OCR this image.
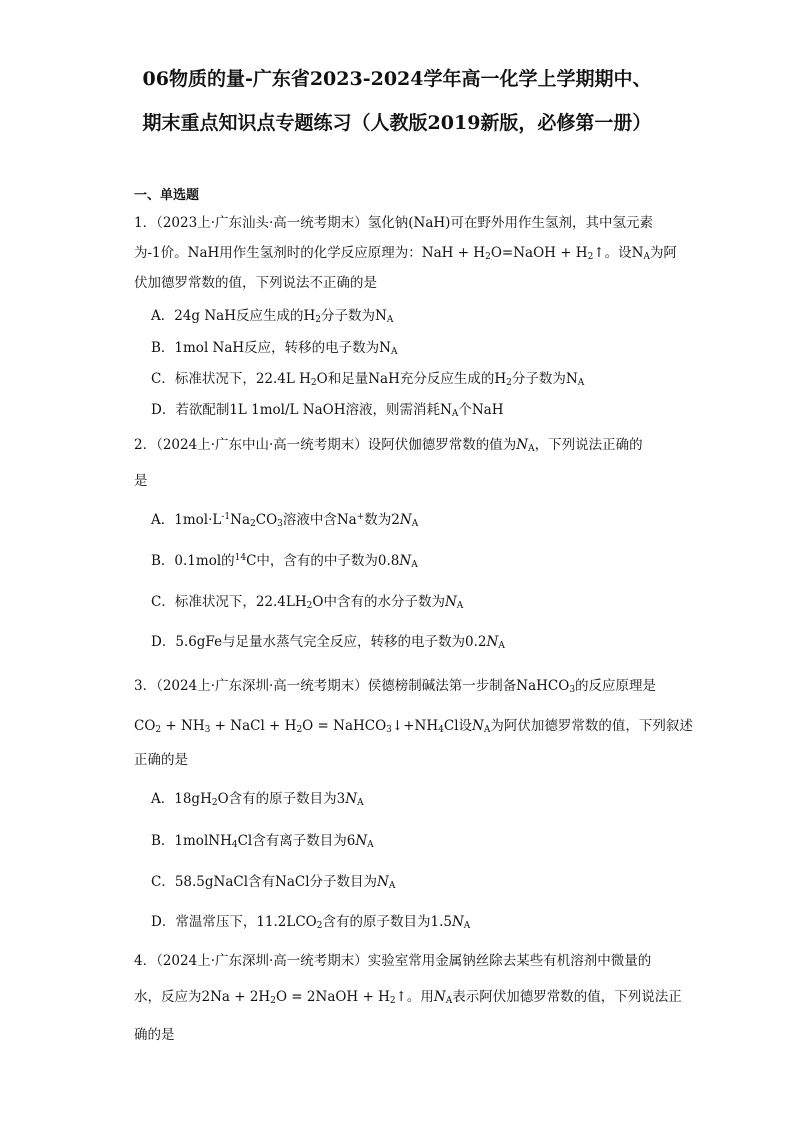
06物质的量-广东省2023-2024学年高一化学上学期期中、
期末重点知识点专题练习（人教版2019新版，必修第一册）
一、单选题
1．（2023上·广东汕头·高一统考期末）氢化钠(NaH)可在野外用作生氢剂，其中氢元素
为-1价。NaH用作生氢剂时的化学反应原理为：NaH + $H_2O=NaOH$ + $H_2↑$。设$N_A$为阿
伏加德罗常数的值，下列说法不正确的是
A．24g NaH反应生成的$H_2$分子数为$N_A$
B．1mol NaH反应，转移的电子数为$N_A$
C．标准状况下，22.4L $H_2O$和足量NaH充分反应生成的$H_2$分子数为$N_A$
D．若欲配制1L 1mol/L NaOH溶液，则需消耗$N_A$个NaH
2．（2024上·广东中山·高一统考期末）设阿伏伽德罗常数的值为$N_A$，下列说法正确的
是
A．$1mol\cdot L^{-1}Na_2CO_3$溶液中含Na+数为$2N_A$
B．0.1mol的$^{14}$C中，含有的中子数为$0.8N_A$
C．标准状况下，$22.4LH_2O$中含有的水分子数为$N_A$
D．5.6gFe与足量水蒸气完全反应，转移的电子数为$0.2N_A$
3．（2024上·广东深圳·高一统考期末）侯德榜制碱法第一步制备NaHCO$_3$的反应原理是
$CO_2 + NH_3$ + NaCl + $H_2O$ = $NaHCO_3↓+NH_4Cl$设$N_A$为阿伏加德罗常数的值，下列叙述
正确的是
A．$18gH_2O$含有的原子数目为$3N_A$
B．1molNH$_4$Cl含有离子数目为$6N_A$
C．58.5gNaCl含有NaCl分子数目为$N_A$
D．常温常压下，$11.2LCO_2$含有的原子数目为$1.5N_A$
4．（2024上·广东深圳·高一统考期末）实验室常用金属钠丝除去某些有机溶剂中微量的
水，反应为$2Na + 2H_2O$ = 2NaOH + $H_2↑$。用$N_A$表示阿伏加德罗常数的值，下列说法正
确的是
